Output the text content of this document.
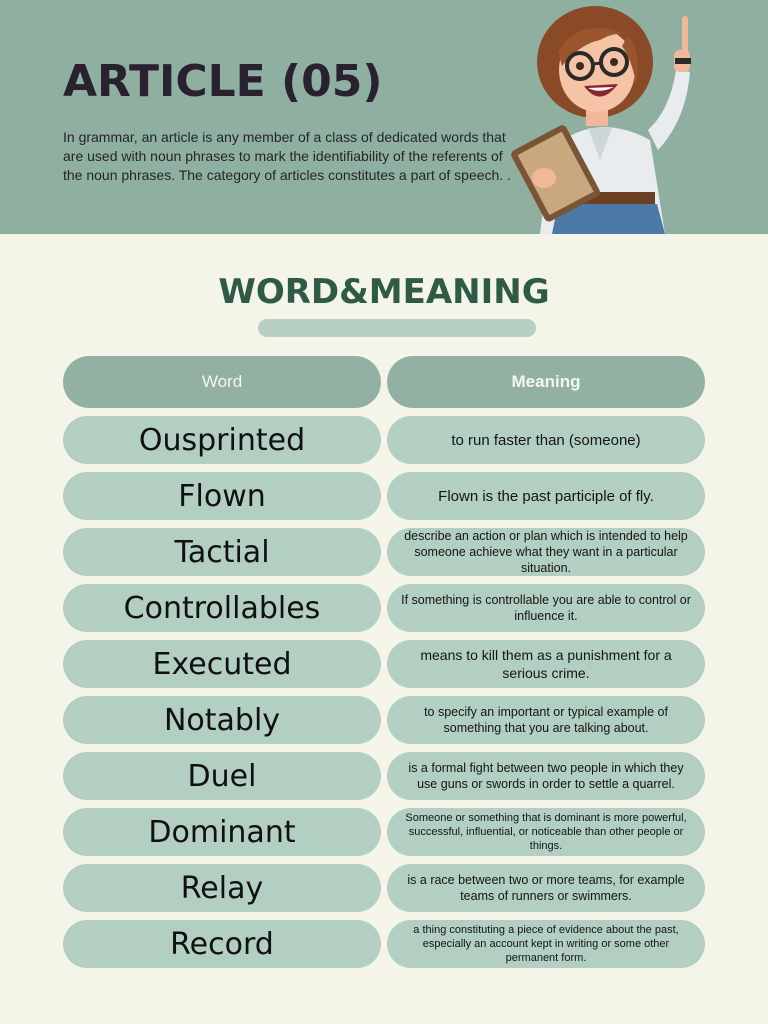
ARTICLE (05)

In grammar, an article is any member of a class of dedicated words that are used with noun phrases to mark the identifiability of the referents of the noun phrases. The category of articles constitutes a part of speech. .

WORD&MEANING
Word	Meaning
Ousprinted	to run faster than (someone)
Flown	Flown is the past participle of fly.
Tactial	describe an action or plan which is intended to help someone achieve what they want in a particular situation.
Controllables	If something is controllable you are able to control or influence it.
Executed	means to kill them as a punishment for a serious crime.
Notably	to specify an important or typical example of something that you are talking about.
Duel	is a formal fight between two people in which they use guns or swords in order to settle a quarrel.
Dominant	Someone or something that is dominant is more powerful, successful, influential, or noticeable than other people or things.
Relay	is a race between two or more teams, for example teams of runners or swimmers.
Record	a thing constituting a piece of evidence about the past, especially an account kept in writing or some other permanent form.
